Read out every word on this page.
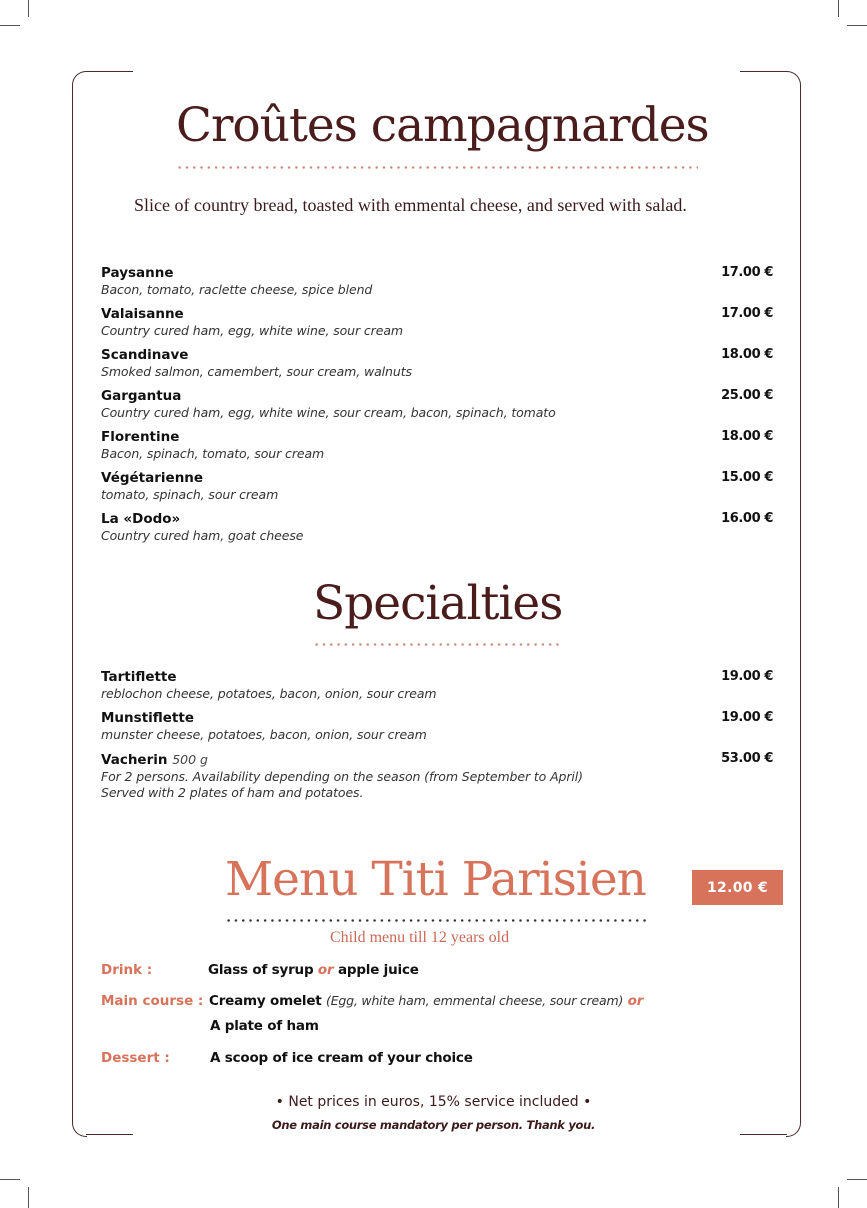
Croûtes campagnardes
Slice of country bread, toasted with emmental cheese, and served with salad.
Paysanne
Bacon, tomato, raclette cheese, spice blend
17.00 €
Valaisanne
Country cured ham, egg, white wine, sour cream
17.00 €
Scandinave
Smoked salmon, camembert, sour cream, walnuts
18.00 €
Gargantua
Country cured ham, egg, white wine, sour cream, bacon, spinach, tomato
25.00 €
Florentine
Bacon, spinach, tomato, sour cream
18.00 €
Végétarienne
tomato, spinach, sour cream
15.00 €
La «Dodo»
Country cured ham, goat cheese
16.00 €
Specialties
Tartiflette
reblochon cheese, potatoes, bacon, onion, sour cream
19.00 €
Munstiflette
munster cheese, potatoes, bacon, onion, sour cream
19.00 €
Vacherin 500 g
For 2 persons. Availability depending on the season (from September to April)
Served with 2 plates of ham and potatoes.
53.00 €
Menu Titi Parisien	12.00 €
Child menu till 12 years old
Drink :	Glass of syrup or apple juice
Main course : Creamy omelet (Egg, white ham, emmental cheese, sour cream) or
A plate of ham
Dessert :	A scoop of ice cream of your choice
• Net prices in euros, 15% service included •
One main course mandatory per person. Thank you.
